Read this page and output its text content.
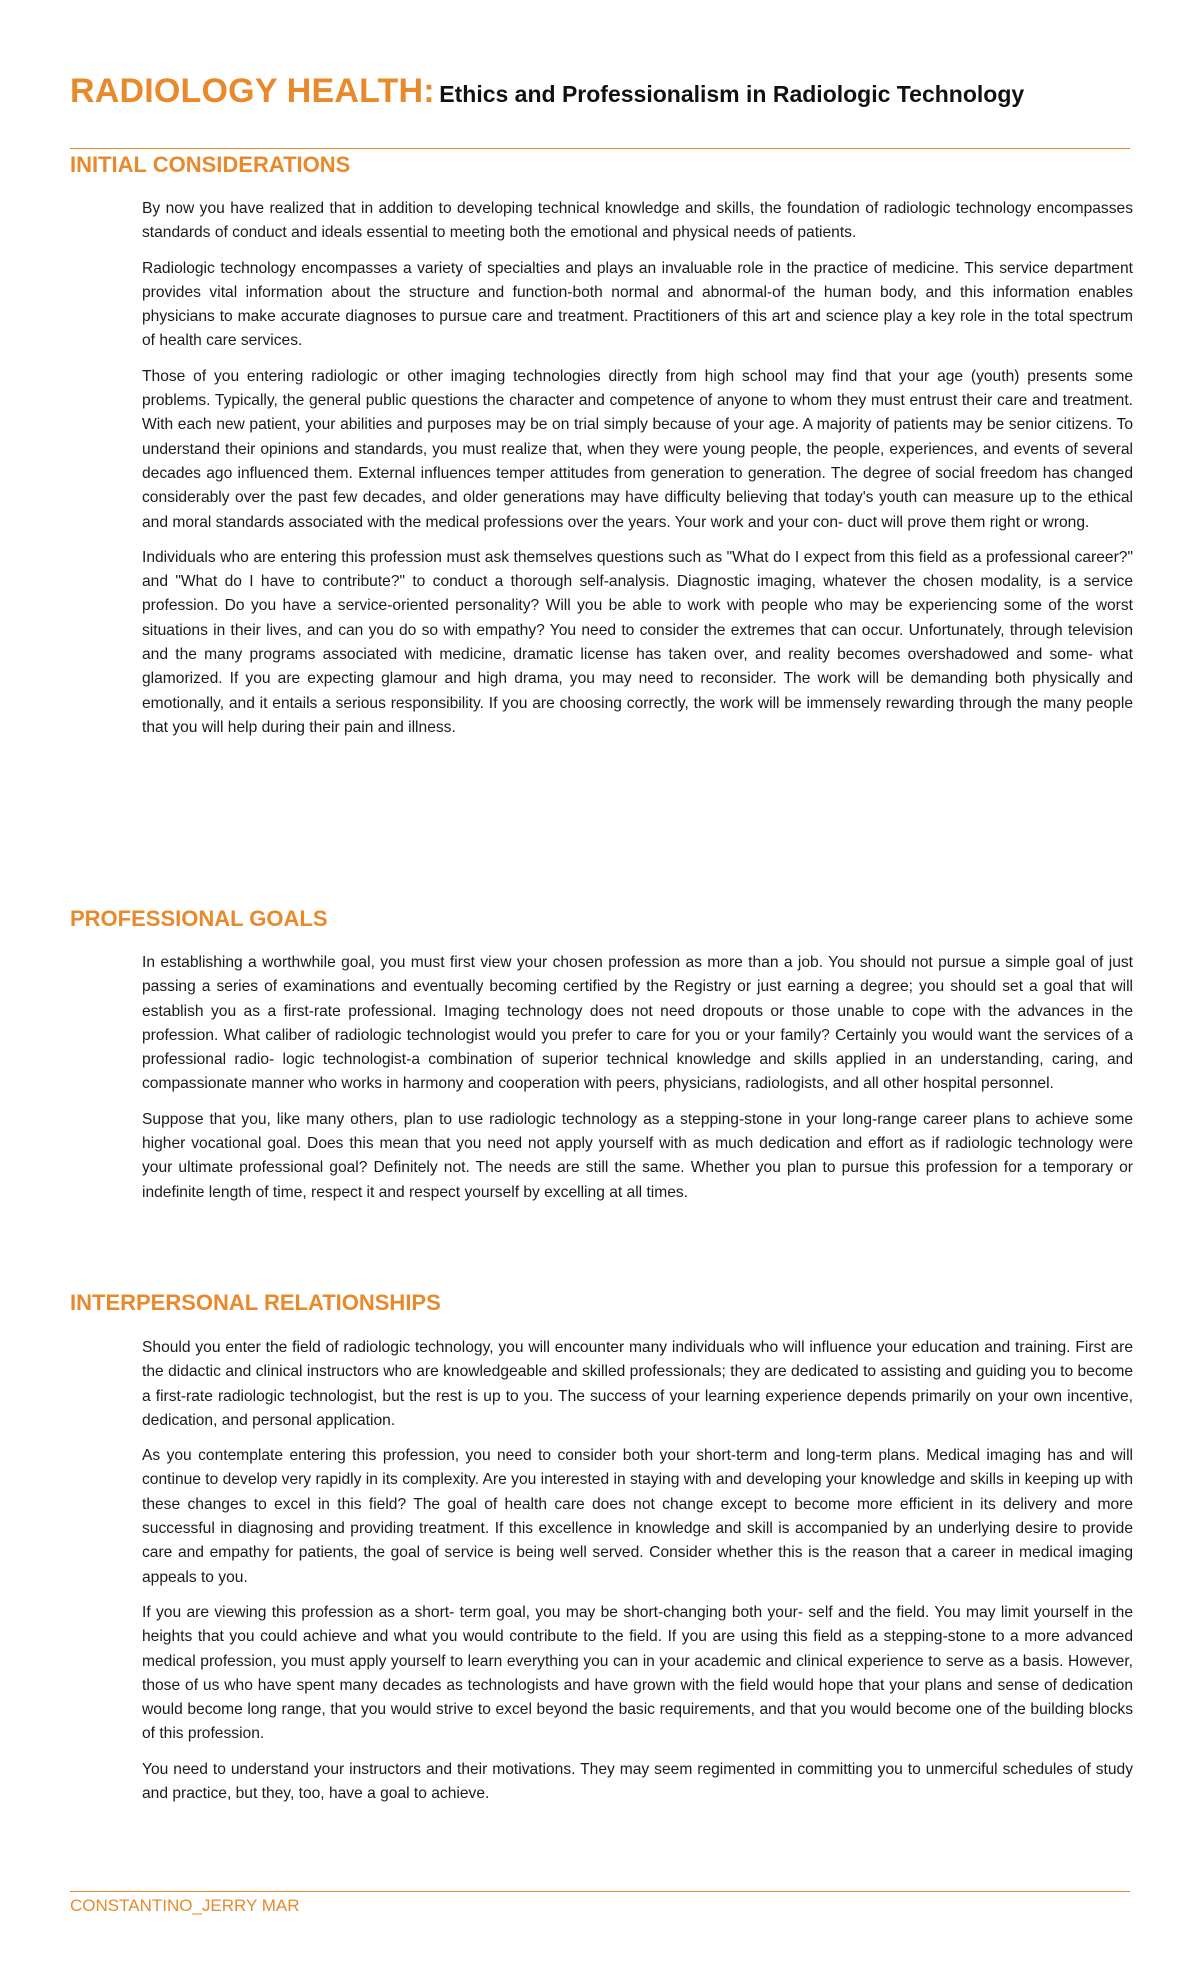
RADIOLOGY HEALTH: Ethics and Professionalism in Radiologic Technology
INITIAL CONSIDERATIONS

By now you have realized that in addition to developing technical knowledge and skills, the foundation of radiologic technology encompasses standards of conduct and ideals essential to meeting both the emotional and physical needs of patients.

Radiologic technology encompasses a variety of specialties and plays an invaluable role in the practice of medicine. This service department provides vital information about the structure and function-both normal and abnormal-of the human body, and this information enables physicians to make accurate diagnoses to pursue care and treatment. Practitioners of this art and science play a key role in the total spectrum of health care services.

Those of you entering radiologic or other imaging technologies directly from high school may find that your age (youth) presents some problems. Typically, the general public questions the character and competence of anyone to whom they must entrust their care and treatment. With each new patient, your abilities and purposes may be on trial simply because of your age. A majority of patients may be senior citizens. To understand their opinions and standards, you must realize that, when they were young people, the people, experiences, and events of several decades ago influenced them. External influences temper attitudes from generation to generation. The degree of social freedom has changed considerably over the past few decades, and older generations may have difficulty believing that today's youth can measure up to the ethical and moral standards associated with the medical professions over the years. Your work and your con- duct will prove them right or wrong.

Individuals who are entering this profession must ask themselves questions such as "What do I expect from this field as a professional career?" and "What do I have to contribute?" to conduct a thorough self-analysis. Diagnostic imaging, whatever the chosen modality, is a service profession. Do you have a service-oriented personality? Will you be able to work with people who may be experiencing some of the worst situations in their lives, and can you do so with empathy? You need to consider the extremes that can occur. Unfortunately, through television and the many programs associated with medicine, dramatic license has taken over, and reality becomes overshadowed and some- what glamorized. If you are expecting glamour and high drama, you may need to reconsider. The work will be demanding both physically and emotionally, and it entails a serious responsibility. If you are choosing correctly, the work will be immensely rewarding through the many people that you will help during their pain and illness.

PROFESSIONAL GOALS

In establishing a worthwhile goal, you must first view your chosen profession as more than a job. You should not pursue a simple goal of just passing a series of examinations and eventually becoming certified by the Registry or just earning a degree; you should set a goal that will establish you as a first-rate professional. Imaging technology does not need dropouts or those unable to cope with the advances in the profession. What caliber of radiologic technologist would you prefer to care for you or your family? Certainly you would want the services of a professional radio- logic technologist-a combination of superior technical knowledge and skills applied in an understanding, caring, and compassionate manner who works in harmony and cooperation with peers, physicians, radiologists, and all other hospital personnel.

Suppose that you, like many others, plan to use radiologic technology as a stepping-stone in your long-range career plans to achieve some higher vocational goal. Does this mean that you need not apply yourself with as much dedication and effort as if radiologic technology were your ultimate professional goal? Definitely not. The needs are still the same. Whether you plan to pursue this profession for a temporary or indefinite length of time, respect it and respect yourself by excelling at all times.

INTERPERSONAL RELATIONSHIPS

Should you enter the field of radiologic technology, you will encounter many individuals who will influence your education and training. First are the didactic and clinical instructors who are knowledgeable and skilled professionals; they are dedicated to assisting and guiding you to become a first-rate radiologic technologist, but the rest is up to you. The success of your learning experience depends primarily on your own incentive, dedication, and personal application.

As you contemplate entering this profession, you need to consider both your short-term and long-term plans. Medical imaging has and will continue to develop very rapidly in its complexity. Are you interested in staying with and developing your knowledge and skills in keeping up with these changes to excel in this field? The goal of health care does not change except to become more efficient in its delivery and more successful in diagnosing and providing treatment. If this excellence in knowledge and skill is accompanied by an underlying desire to provide care and empathy for patients, the goal of service is being well served. Consider whether this is the reason that a career in medical imaging appeals to you.

If you are viewing this profession as a short- term goal, you may be short-changing both your- self and the field. You may limit yourself in the heights that you could achieve and what you would contribute to the field. If you are using this field as a stepping-stone to a more advanced medical profession, you must apply yourself to learn everything you can in your academic and clinical experience to serve as a basis. However, those of us who have spent many decades as technologists and have grown with the field would hope that your plans and sense of dedication would become long range, that you would strive to excel beyond the basic requirements, and that you would become one of the building blocks of this profession.

You need to understand your instructors and their motivations. They may seem regimented in committing you to unmerciful schedules of study and practice, but they, too, have a goal to achieve.

CONSTANTINO_JERRY MAR
